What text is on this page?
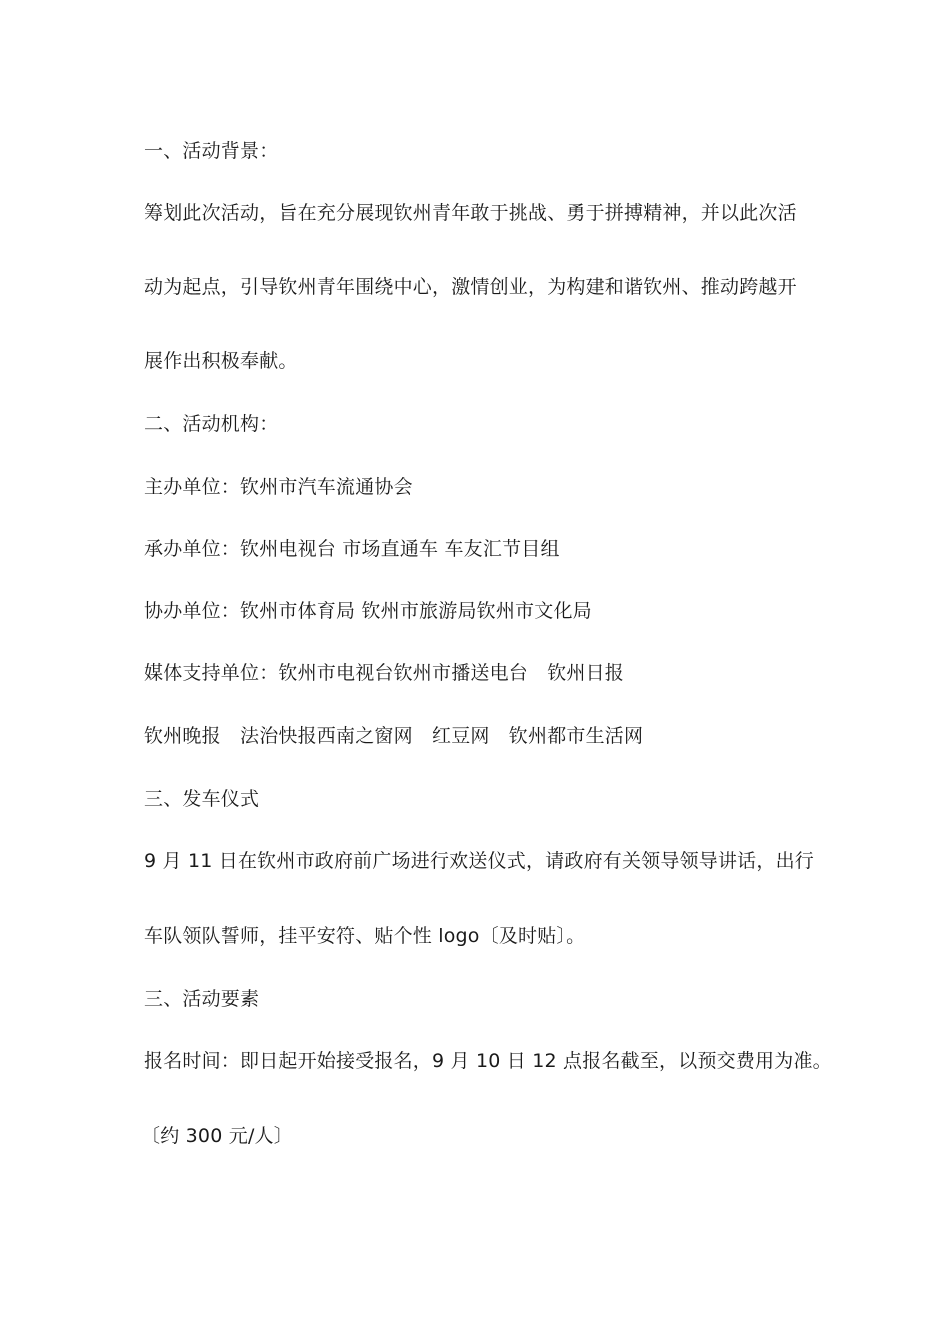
一、活动背景：
筹划此次活动，旨在充分展现钦州青年敢于挑战、勇于拼搏精神，并以此次活
动为起点，引导钦州青年围绕中心，激情创业，为构建和谐钦州、推动跨越开
展作出积极奉献。
二、活动机构：
主办单位：钦州市汽车流通协会
承办单位：钦州电视台 市场直通车 车友汇节目组
协办单位：钦州市体育局 钦州市旅游局钦州市文化局
媒体支持单位：钦州市电视台钦州市播送电台　钦州日报
钦州晚报　法治快报西南之窗网　红豆网　钦州都市生活网
三、发车仪式
9 月 11 日在钦州市政府前广场进行欢送仪式，请政府有关领导领导讲话，出行
车队领队誓师，挂平安符、贴个性 logo〔及时贴〕。
三、活动要素
报名时间：即日起开始接受报名，9 月 10 日 12 点报名截至，以预交费用为准。
〔约 300 元/人〕
